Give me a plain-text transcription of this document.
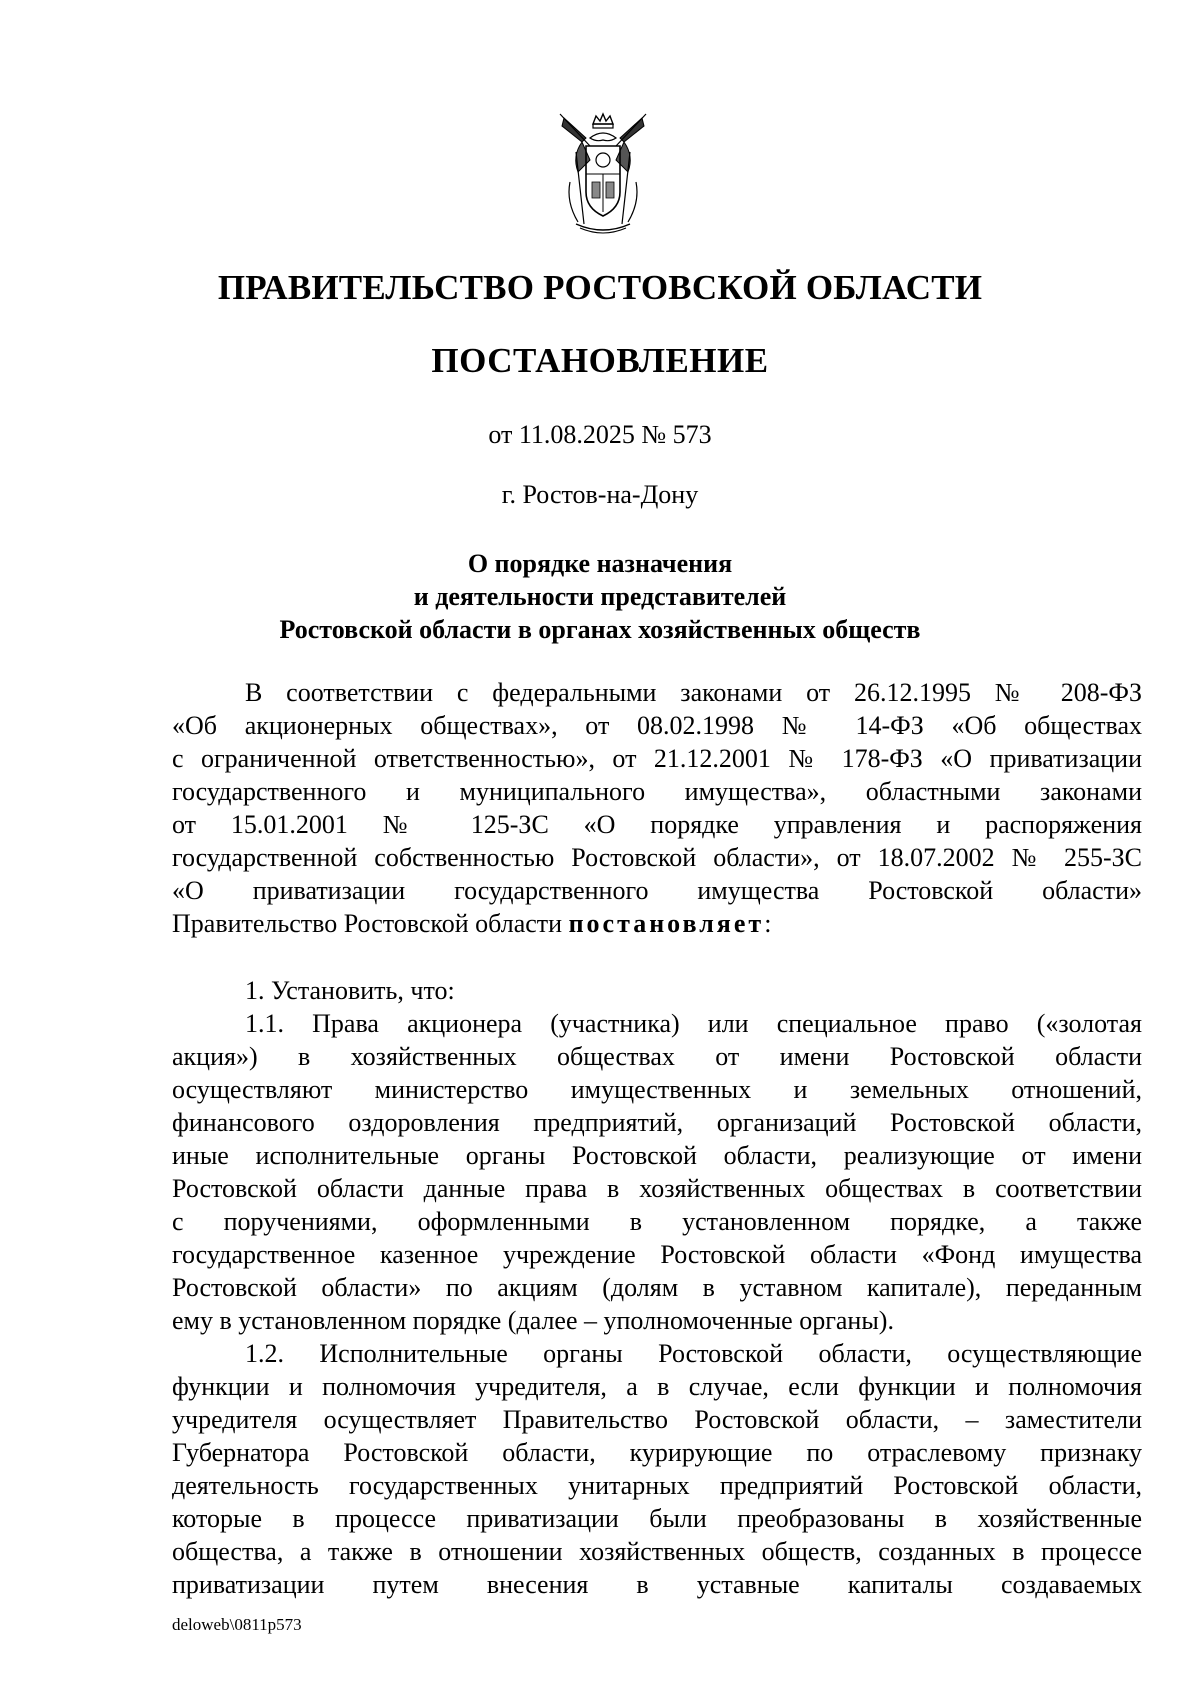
ПРАВИТЕЛЬСТВО РОСТОВСКОЙ ОБЛАСТИ
ПОСТАНОВЛЕНИЕ
от 11.08.2025 № 573
г. Ростов-на-Дону
О порядке назначения
и деятельности представителей
Ростовской области в органах хозяйственных обществ
В соответствии с федеральными законами от 26.12.1995 № 208-ФЗ
«Об акционерных обществах», от 08.02.1998 № 14-ФЗ «Об обществах
с ограниченной ответственностью», от 21.12.2001 № 178-ФЗ «О приватизации
государственного и муниципального имущества», областными законами
от 15.01.2001 № 125-ЗС «О порядке управления и распоряжения
государственной собственностью Ростовской области», от 18.07.2002 № 255-ЗС
«О приватизации государственного имущества Ростовской области»
Правительство Ростовской области постановляет:
1. Установить, что:
1.1. Права акционера (участника) или специальное право («золотая
акция») в хозяйственных обществах от имени Ростовской области
осуществляют министерство имущественных и земельных отношений,
финансового оздоровления предприятий, организаций Ростовской области,
иные исполнительные органы Ростовской области, реализующие от имени
Ростовской области данные права в хозяйственных обществах в соответствии
с поручениями, оформленными в установленном порядке, а также
государственное казенное учреждение Ростовской области «Фонд имущества
Ростовской области» по акциям (долям в уставном капитале), переданным
ему в установленном порядке (далее – уполномоченные органы).
1.2. Исполнительные органы Ростовской области, осуществляющие
функции и полномочия учредителя, а в случае, если функции и полномочия
учредителя осуществляет Правительство Ростовской области, – заместители
Губернатора Ростовской области, курирующие по отраслевому признаку
деятельность государственных унитарных предприятий Ростовской области,
которые в процессе приватизации были преобразованы в хозяйственные
общества, а также в отношении хозяйственных обществ, созданных в процессе
приватизации путем внесения в уставные капиталы создаваемых
deloweb\0811p573
